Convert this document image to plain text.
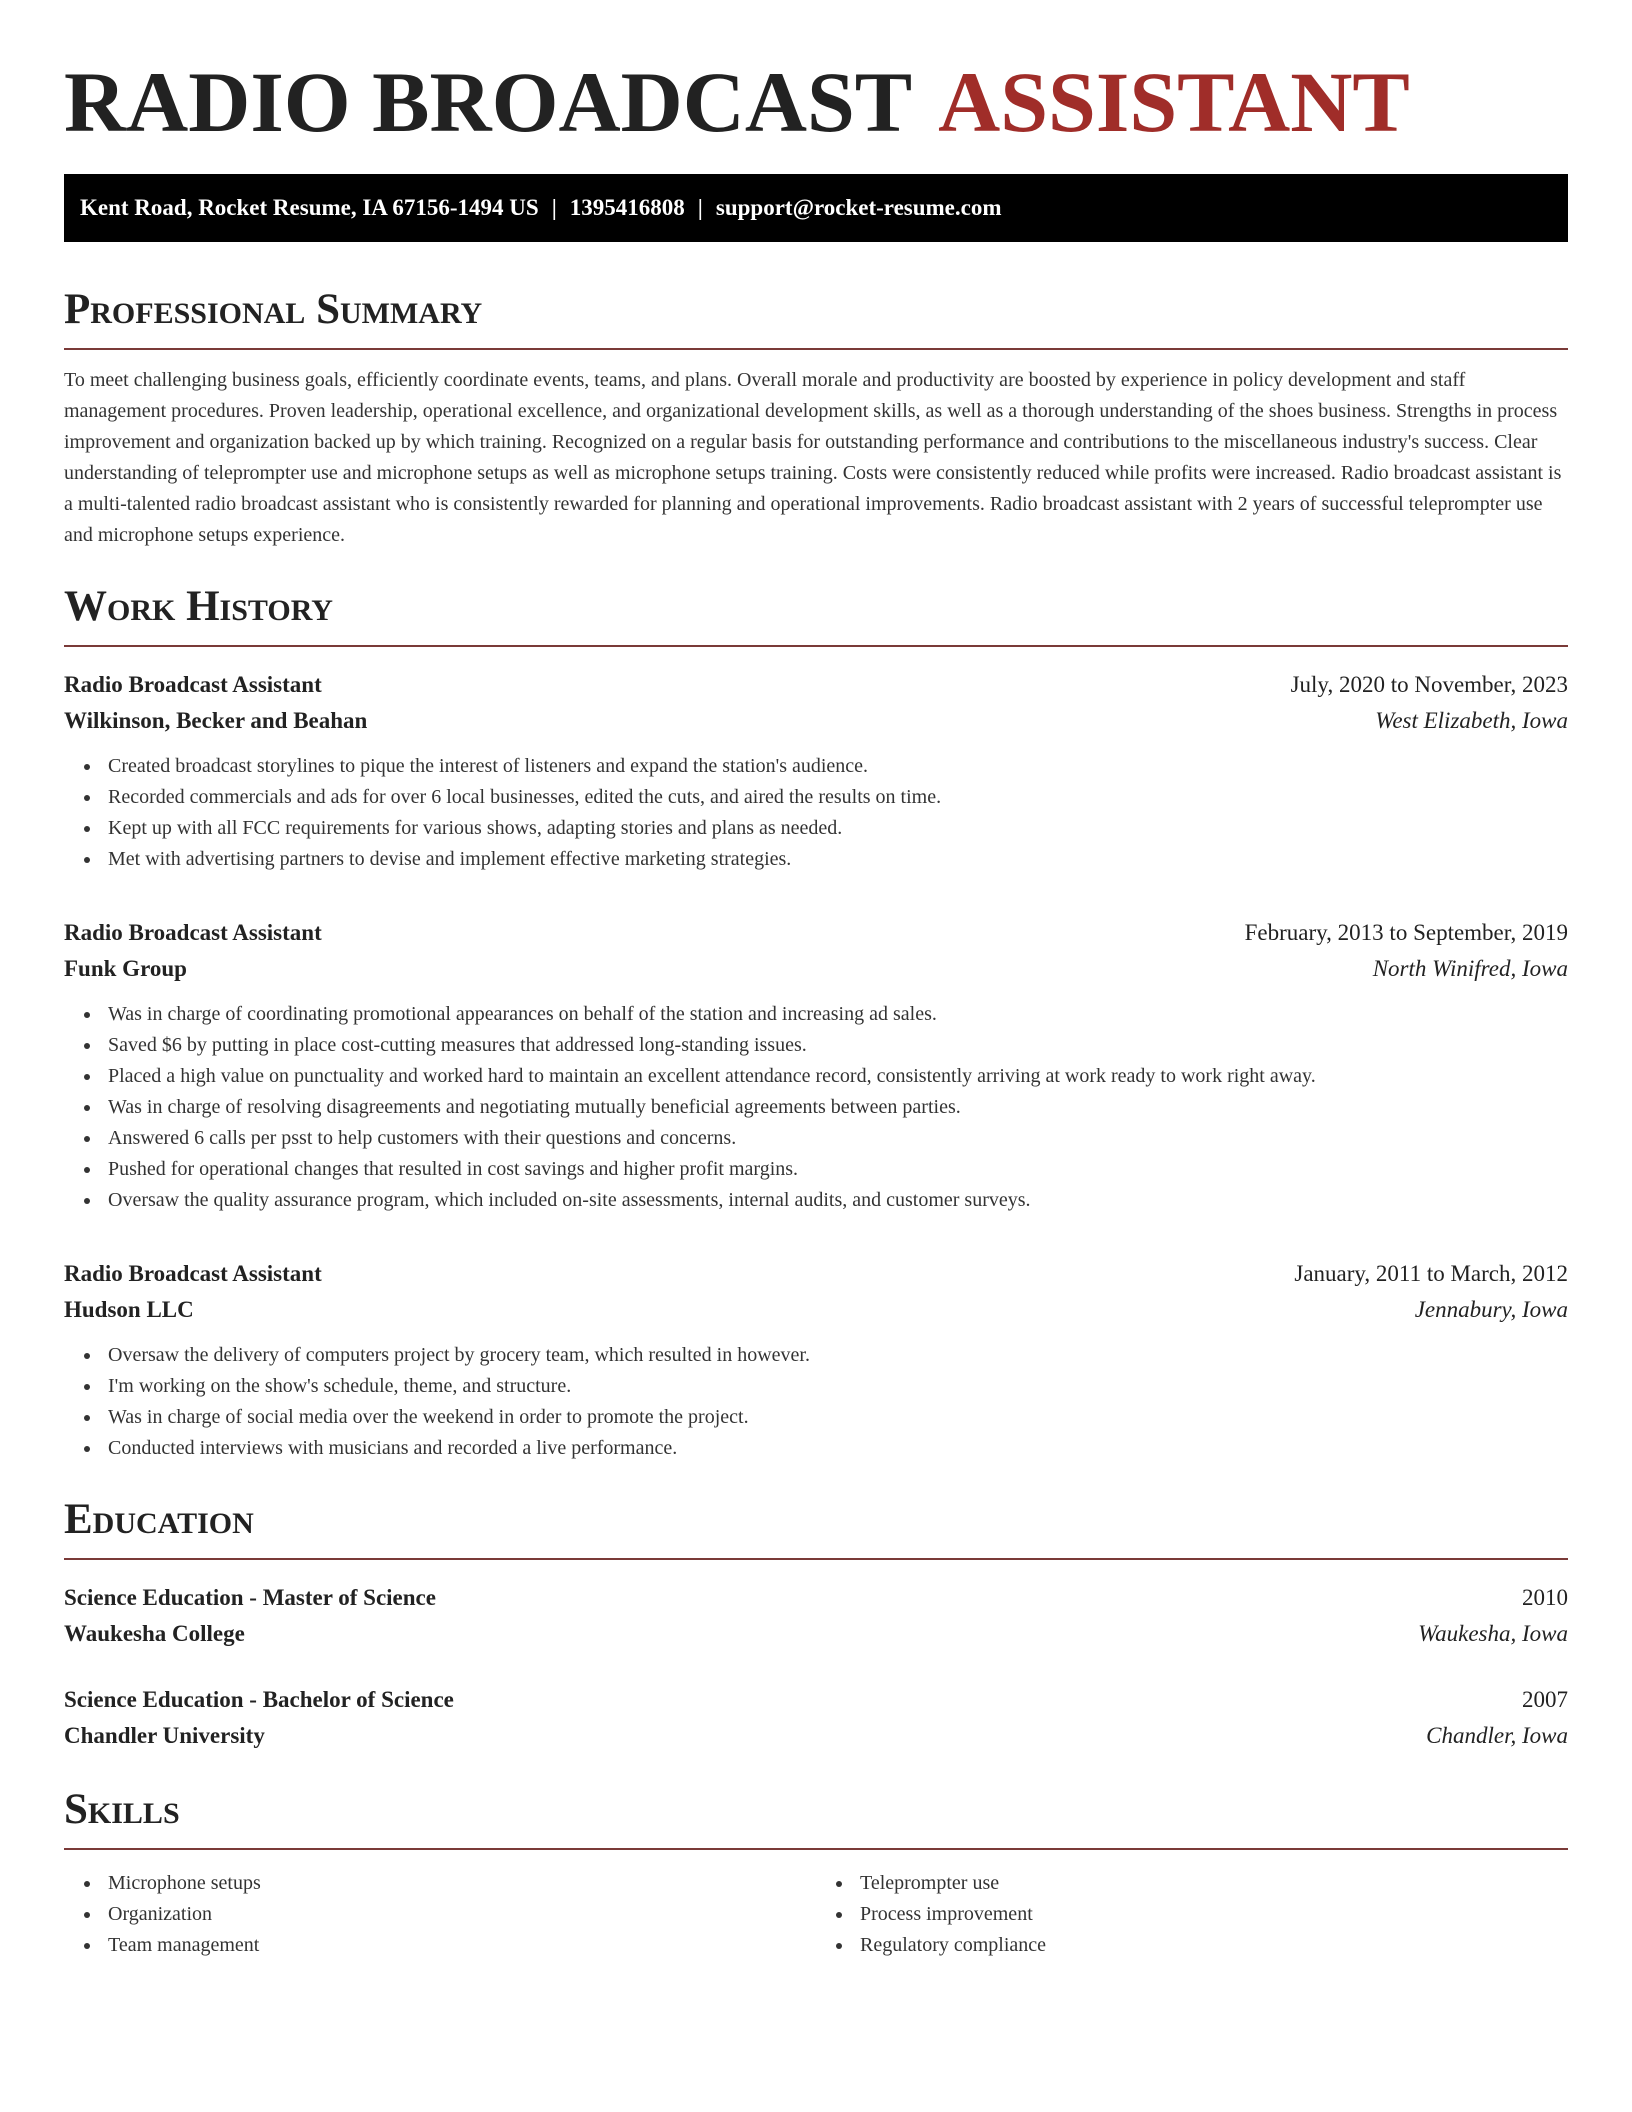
RADIO BROADCAST ASSISTANT
Kent Road, Rocket Resume, IA 67156-1494 US | 1395416808 | support@rocket-resume.com
Professional Summary

To meet challenging business goals, efficiently coordinate events, teams, and plans. Overall morale and productivity are boosted by experience in policy development and staff management procedures. Proven leadership, operational excellence, and organizational development skills, as well as a thorough understanding of the shoes business. Strengths in process improvement and organization backed up by which training. Recognized on a regular basis for outstanding performance and contributions to the miscellaneous industry's success. Clear understanding of teleprompter use and microphone setups as well as microphone setups training. Costs were consistently reduced while profits were increased. Radio broadcast assistant is a multi-talented radio broadcast assistant who is consistently rewarded for planning and operational improvements. Radio broadcast assistant with 2 years of successful teleprompter use and microphone setups experience.

Work History
Radio Broadcast Assistant	July, 2020 to November, 2023
Wilkinson, Becker and Beahan	West Elizabeth, Iowa
Created broadcast storylines to pique the interest of listeners and expand the station's audience.
Recorded commercials and ads for over 6 local businesses, edited the cuts, and aired the results on time.
Kept up with all FCC requirements for various shows, adapting stories and plans as needed.
Met with advertising partners to devise and implement effective marketing strategies.
Radio Broadcast Assistant	February, 2013 to September, 2019
Funk Group	North Winifred, Iowa
Was in charge of coordinating promotional appearances on behalf of the station and increasing ad sales.
Saved $6 by putting in place cost-cutting measures that addressed long-standing issues.
Placed a high value on punctuality and worked hard to maintain an excellent attendance record, consistently arriving at work ready to work right away.
Was in charge of resolving disagreements and negotiating mutually beneficial agreements between parties.
Answered 6 calls per psst to help customers with their questions and concerns.
Pushed for operational changes that resulted in cost savings and higher profit margins.
Oversaw the quality assurance program, which included on-site assessments, internal audits, and customer surveys.
Radio Broadcast Assistant	January, 2011 to March, 2012
Hudson LLC	Jennabury, Iowa
Oversaw the delivery of computers project by grocery team, which resulted in however.
I'm working on the show's schedule, theme, and structure.
Was in charge of social media over the weekend in order to promote the project.
Conducted interviews with musicians and recorded a live performance.
Education
Science Education - Master of Science	2010
Waukesha College	Waukesha, Iowa
Science Education - Bachelor of Science	2007
Chandler University	Chandler, Iowa
Skills
Microphone setups
Organization
Team management
Teleprompter use
Process improvement
Regulatory compliance
